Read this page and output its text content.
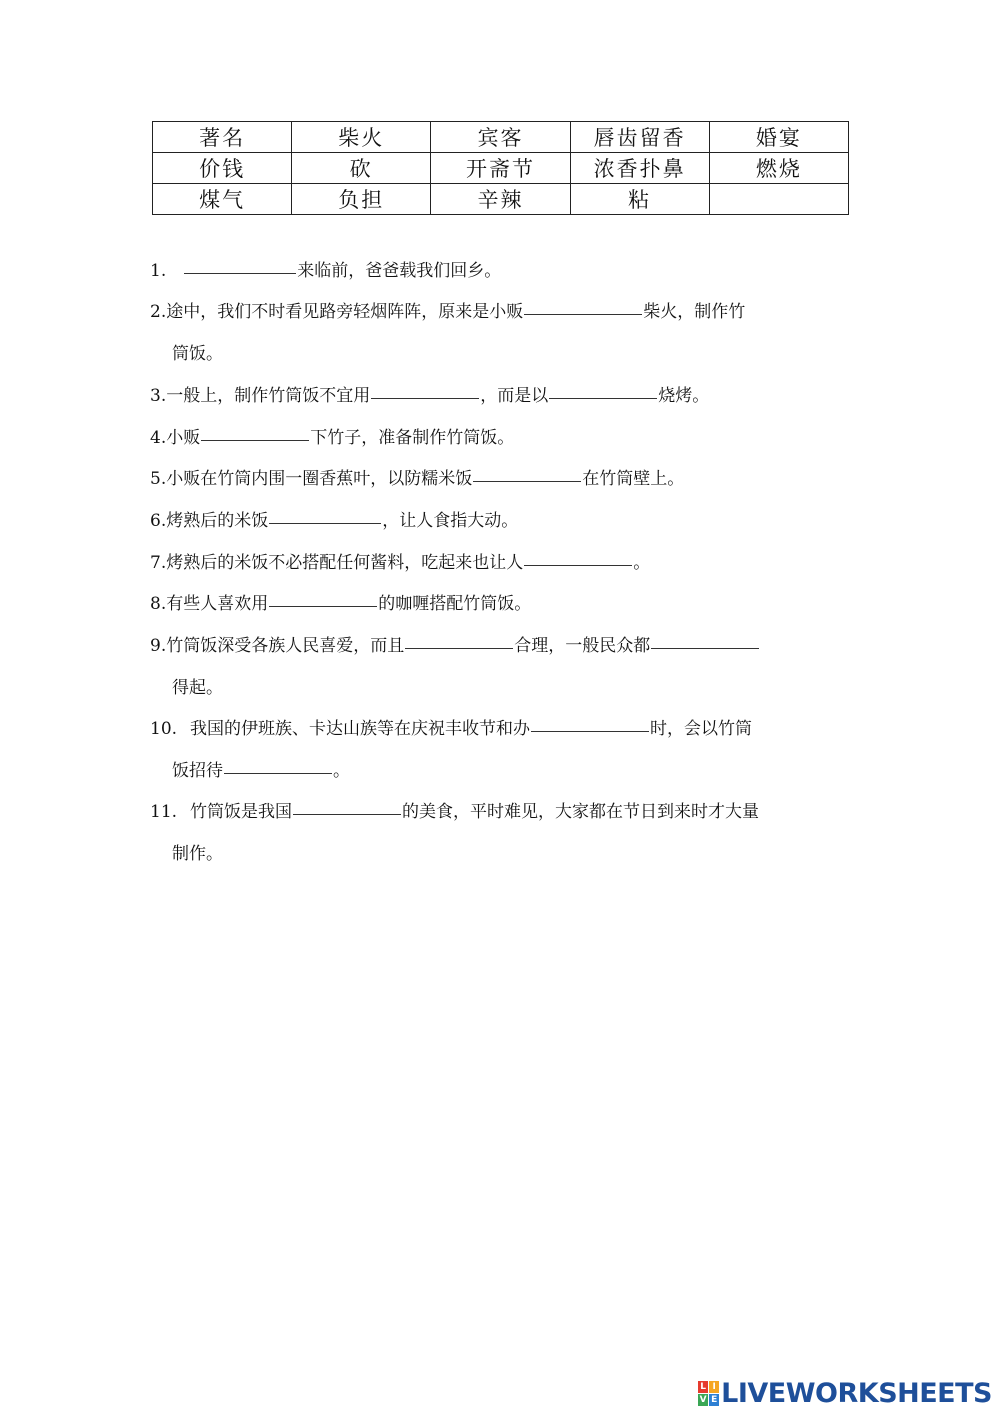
著名	柴火	宾客	唇齿留香	婚宴
价钱	砍	开斋节	浓香扑鼻	燃烧
煤气	负担	辛辣	粘	
1.	来临前，爸爸载我们回乡。
2.途中，我们不时看见路旁轻烟阵阵，原来是小贩	柴火，制作竹
筒饭。
3.一般上，制作竹筒饭不宜用	，而是以	烧烤。
4.小贩	下竹子，准备制作竹筒饭。
5.小贩在竹筒内围一圈香蕉叶，以防糯米饭	在竹筒壁上。
6.烤熟后的米饭	，让人食指大动。
7.烤熟后的米饭不必搭配任何酱料，吃起来也让人	。
8.有些人喜欢用	的咖喱搭配竹筒饭。
9.竹筒饭深受各族人民喜爱，而且	合理，一般民众都
得起。
10. 我国的伊班族、卡达山族等在庆祝丰收节和办	时，会以竹筒
饭招待	。
11. 竹筒饭是我国	的美食，平时难见，大家都在节日到来时才大量
制作。
L I
V E LIVEWORKSHEETS
